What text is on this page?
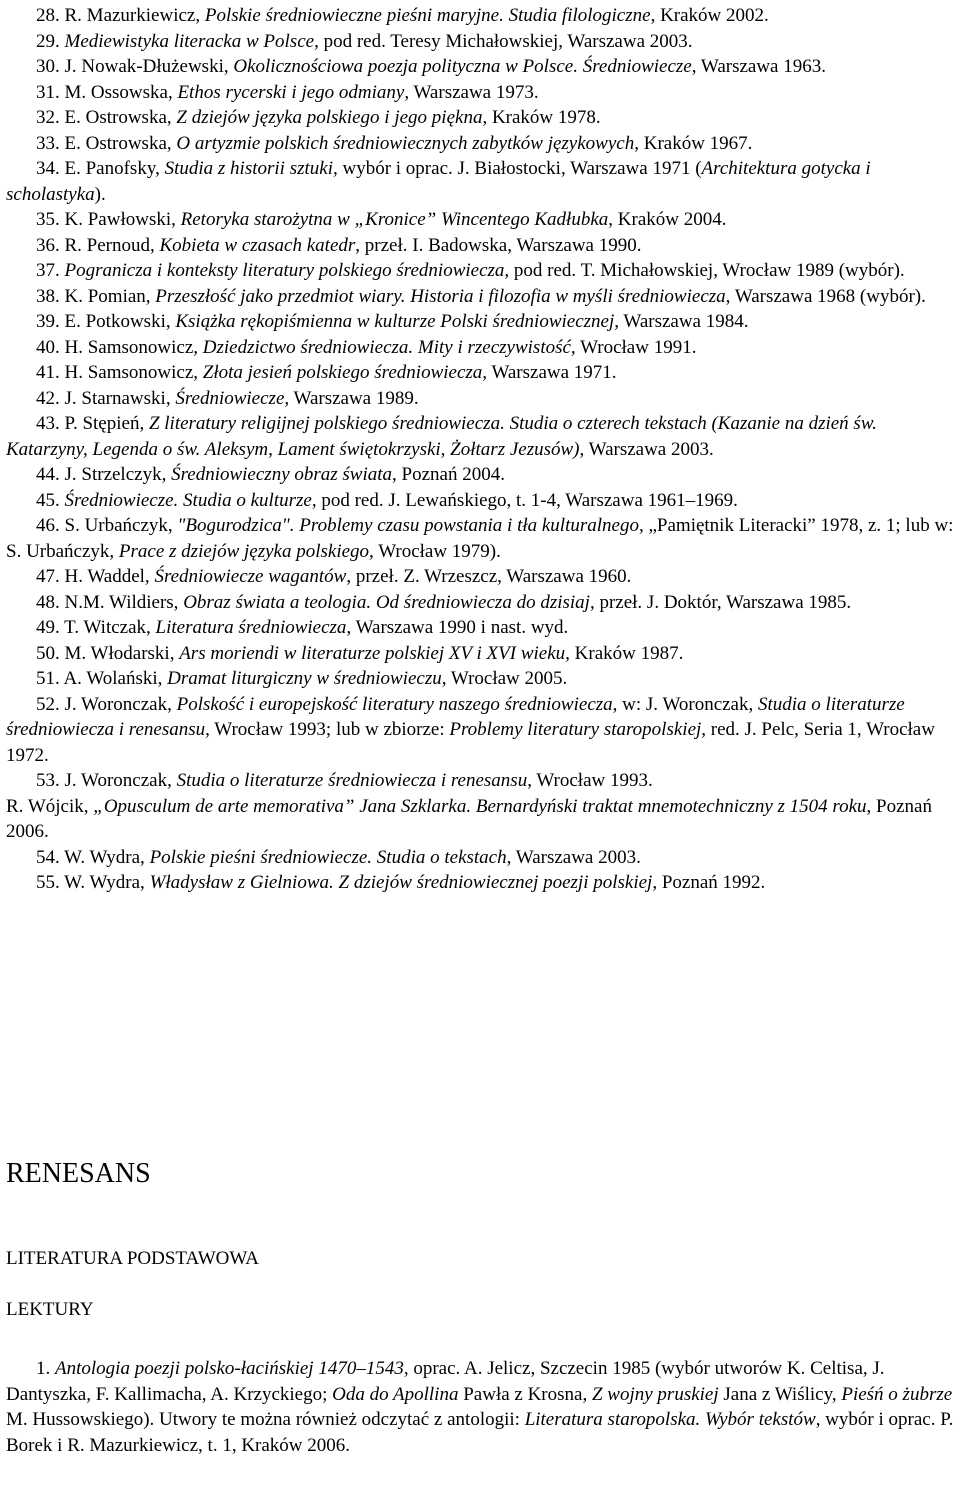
28. R. Mazurkiewicz, Polskie średniowieczne pieśni maryjne. Studia filologiczne, Kraków 2002.

29. Mediewistyka literacka w Polsce, pod red. Teresy Michałowskiej, Warszawa 2003.

30. J. Nowak-Dłużewski, Okolicznościowa poezja polityczna w Polsce. Średniowiecze, Warszawa 1963.

31. M. Ossowska, Ethos rycerski i jego odmiany, Warszawa 1973.

32. E. Ostrowska, Z dziejów języka polskiego i jego piękna, Kraków 1978.

33. E. Ostrowska, O artyzmie polskich średniowiecznych zabytków językowych, Kraków 1967.

34. E. Panofsky, Studia z historii sztuki, wybór i oprac. J. Białostocki, Warszawa 1971 (Architektura gotycka i scholastyka).

35. K. Pawłowski, Retoryka starożytna w „Kronice” Wincentego Kadłubka, Kraków 2004.

36. R. Pernoud, Kobieta w czasach katedr, przeł. I. Badowska, Warszawa 1990.

37. Pogranicza i konteksty literatury polskiego średniowiecza, pod red. T. Michałowskiej, Wrocław 1989 (wybór).

38. K. Pomian, Przeszłość jako przedmiot wiary. Historia i filozofia w myśli średniowiecza, Warszawa 1968 (wybór).

39. E. Potkowski, Książka rękopiśmienna w kulturze Polski średniowiecznej, Warszawa 1984.

40. H. Samsonowicz, Dziedzictwo średniowiecza. Mity i rzeczywistość, Wrocław 1991.

41. H. Samsonowicz, Złota jesień polskiego średniowiecza, Warszawa 1971.

42. J. Starnawski, Średniowiecze, Warszawa 1989.

43. P. Stępień, Z literatury religijnej polskiego średniowiecza. Studia o czterech tekstach (Kazanie na dzień św. Katarzyny, Legenda o św. Aleksym, Lament świętokrzyski, Żołtarz Jezusów), Warszawa 2003.

44. J. Strzelczyk, Średniowieczny obraz świata, Poznań 2004.

45. Średniowiecze. Studia o kulturze, pod red. J. Lewańskiego, t. 1-4, Warszawa 1961–1969.

46. S. Urbańczyk, "Bogurodzica". Problemy czasu powstania i tła kulturalnego, „Pamiętnik Literacki” 1978, z. 1; lub w: S. Urbańczyk, Prace z dziejów języka polskiego, Wrocław 1979).

47. H. Waddel, Średniowiecze wagantów, przeł. Z. Wrzeszcz, Warszawa 1960.

48. N.M. Wildiers, Obraz świata a teologia. Od średniowiecza do dzisiaj, przeł. J. Doktór, Warszawa 1985.

49. T. Witczak, Literatura średniowiecza, Warszawa 1990 i nast. wyd.

50. M. Włodarski, Ars moriendi w literaturze polskiej XV i XVI wieku, Kraków 1987.

51. A. Wolański, Dramat liturgiczny w średniowieczu, Wrocław 2005.

52. J. Woronczak, Polskość i europejskość literatury naszego średniowiecza, w: J. Woronczak, Studia o literaturze średniowiecza i renesansu, Wrocław 1993; lub w zbiorze: Problemy literatury staropolskiej, red. J. Pelc, Seria 1, Wrocław 1972.

53. J. Woronczak, Studia o literaturze średniowiecza i renesansu, Wrocław 1993.

R. Wójcik, „Opusculum de arte memorativa” Jana Szklarka. Bernardyński traktat mnemotechniczny z 1504 roku, Poznań 2006.

54. W. Wydra, Polskie pieśni średniowiecze. Studia o tekstach, Warszawa 2003.

55. W. Wydra, Władysław z Gielniowa. Z dziejów średniowiecznej poezji polskiej, Poznań 1992.

RENESANS
LITERATURA PODSTAWOWA
LEKTURY

1. Antologia poezji polsko-łacińskiej 1470–1543, oprac. A. Jelicz, Szczecin 1985 (wybór utworów K. Celtisa, J. Dantyszka, F. Kallimacha, A. Krzyckiego; Oda do Apollina Pawła z Krosna, Z wojny pruskiej Jana z Wiślicy, Pieśń o żubrze M. Hussowskiego). Utwory te można również odczytać z antologii: Literatura staropolska. Wybór tekstów, wybór i oprac. P. Borek i R. Mazurkiewicz, t. 1, Kraków 2006.
